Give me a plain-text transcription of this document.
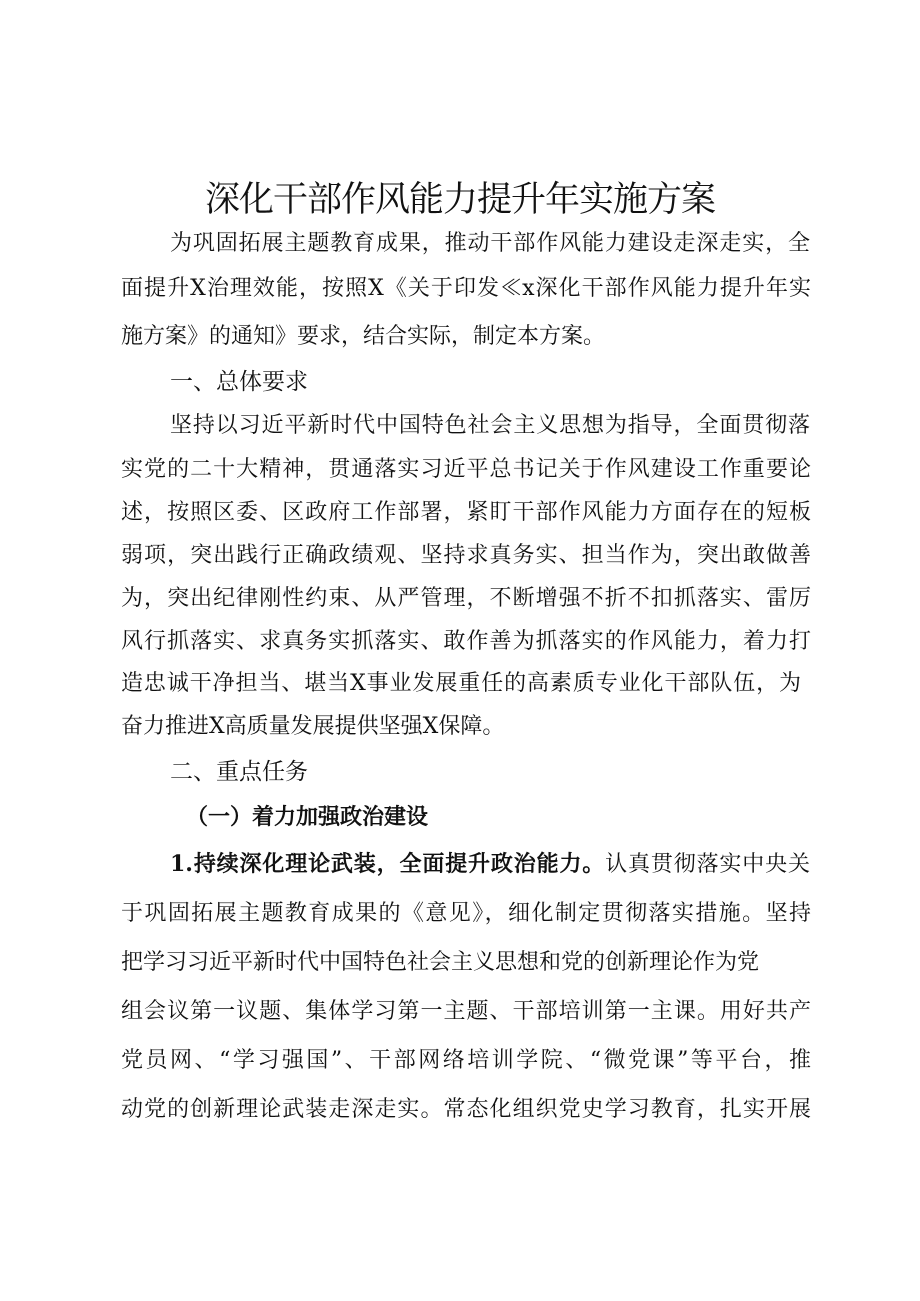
深化干部作风能力提升年实施方案
为巩固拓展主题教育成果，推动干部作风能力建设走深走实，全
面提升X治理效能，按照X《关于印发≪x深化干部作风能力提升年实
施方案》的通知》要求，结合实际，制定本方案。
一、总体要求
坚持以习近平新时代中国特色社会主义思想为指导，全面贯彻落
实党的二十大精神，贯通落实习近平总书记关于作风建设工作重要论
述，按照区委、区政府工作部署，紧盯干部作风能力方面存在的短板
弱项，突出践行正确政绩观、坚持求真务实、担当作为，突出敢做善
为，突出纪律刚性约束、从严管理，不断增强不折不扣抓落实、雷厉
风行抓落实、求真务实抓落实、敢作善为抓落实的作风能力，着力打
造忠诚干净担当、堪当X事业发展重任的高素质专业化干部队伍，为
奋力推进X高质量发展提供坚强X保障。
二、重点任务
（一）着力加强政治建设
1.持续深化理论武装，全面提升政治能力。认真贯彻落实中央关
于巩固拓展主题教育成果的《意见》，细化制定贯彻落实措施。坚持
把学习习近平新时代中国特色社会主义思想和党的创新理论作为党
组会议第一议题、集体学习第一主题、干部培训第一主课。用好共产
党员网、“学习强国”、干部网络培训学院、“微党课”等平台，推
动党的创新理论武装走深走实。常态化组织党史学习教育，扎实开展
